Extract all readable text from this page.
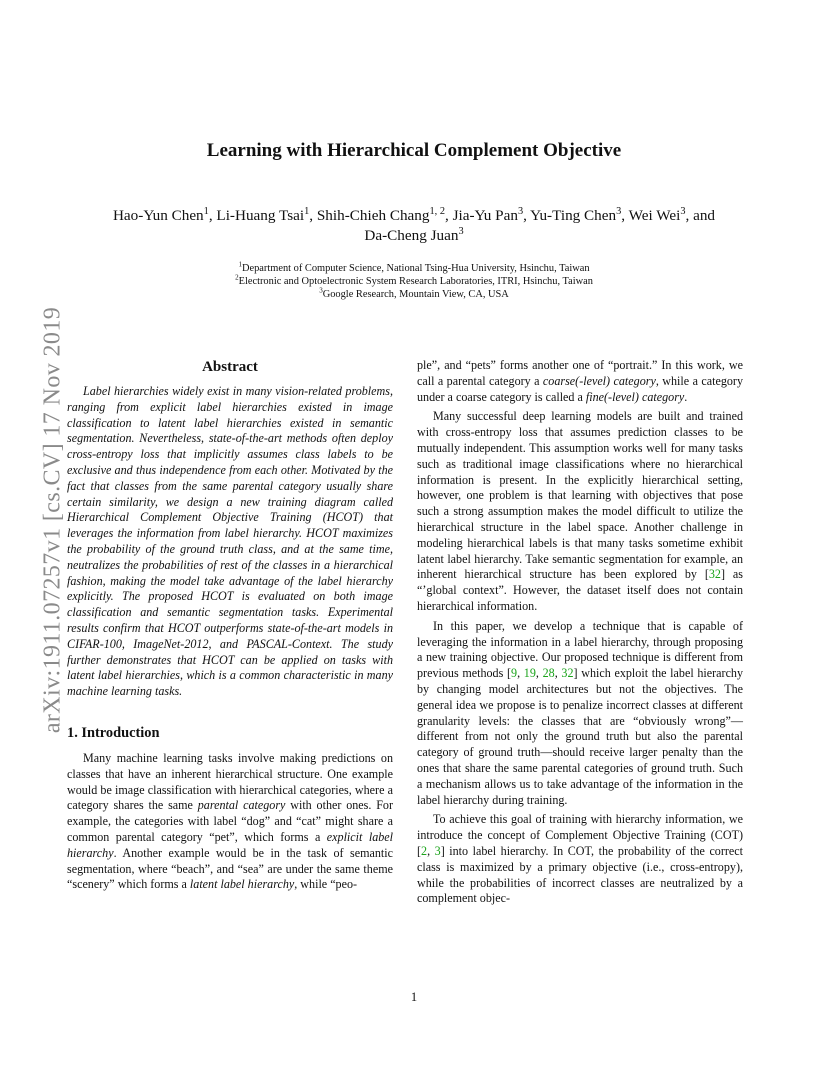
arXiv:1911.07257v1 [cs.CV] 17 Nov 2019
Learning with Hierarchical Complement Objective
Hao-Yun Chen$^1$, Li-Huang Tsai$^1$, Shih-Chieh Chang$^{1, 2}$, Jia-Yu Pan$^3$, Yu-Ting Chen$^3$, Wei Wei$^3$, and
Da-Cheng Juan$^3$
$^1$Department of Computer Science, National Tsing-Hua University, Hsinchu, Taiwan
$^2$Electronic and Optoelectronic System Research Laboratories, ITRI, Hsinchu, Taiwan
$^3$Google Research, Mountain View, CA, USA
Abstract

Label hierarchies widely exist in many vision-related problems, ranging from explicit label hierarchies existed in image classification to latent label hierarchies existed in semantic segmentation. Nevertheless, state-of-the-art methods often deploy cross-entropy loss that implicitly assumes class labels to be exclusive and thus independence from each other. Motivated by the fact that classes from the same parental category usually share certain similarity, we design a new training diagram called Hierarchical Complement Objective Training (HCOT) that leverages the information from label hierarchy. HCOT maximizes the probability of the ground truth class, and at the same time, neutralizes the probabilities of rest of the classes in a hierarchical fashion, making the model take advantage of the label hierarchy explicitly. The proposed HCOT is evaluated on both image classification and semantic segmentation tasks. Experimental results confirm that HCOT outperforms state-of-the-art models in CIFAR-100, ImageNet-2012, and PASCAL-Context. The study further demonstrates that HCOT can be applied on tasks with latent label hierarchies, which is a common characteristic in many machine learning tasks.

1. Introduction

Many machine learning tasks involve making predictions on classes that have an inherent hierarchical structure. One example would be image classification with hierarchical categories, where a category shares the same parental category with other ones. For example, the categories with label “dog” and “cat” might share a common parental category “pet”, which forms a explicit label hierarchy. Another example would be in the task of semantic segmentation, where “beach”, and “sea” are under the same theme “scenery” which forms a latent label hierarchy, while “peo-

ple”, and “pets” forms another one of “portrait.” In this work, we call a parental category a coarse(-level) category, while a category under a coarse category is called a fine(-level) category.

Many successful deep learning models are built and trained with cross-entropy loss that assumes prediction classes to be mutually independent. This assumption works well for many tasks such as traditional image classifications where no hierarchical information is present. In the explicitly hierarchical setting, however, one problem is that learning with objectives that pose such a strong assumption makes the model difficult to utilize the hierarchical structure in the label space. Another challenge in modeling hierarchical labels is that many tasks sometime exhibit latent label hierarchy. Take semantic segmentation for example, an inherent hierarchical structure has been explored by [32] as “’global context”. However, the dataset itself does not contain hierarchical information.

In this paper, we develop a technique that is capable of leveraging the information in a label hierarchy, through proposing a new training objective. Our proposed technique is different from previous methods [9, 19, 28, 32] which exploit the label hierarchy by changing model architectures but not the objectives. The general idea we propose is to penalize incorrect classes at different granularity levels: the classes that are “obviously wrong”—different from not only the ground truth but also the parental category of ground truth—should receive larger penalty than the ones that share the same parental categories of ground truth. Such a mechanism allows us to take advantage of the information in the label hierarchy during training.

To achieve this goal of training with hierarchy information, we introduce the concept of Complement Objective Training (COT) [2, 3] into label hierarchy. In COT, the probability of the correct class is maximized by a primary objective (i.e., cross-entropy), while the probabilities of incorrect classes are neutralized by a complement objec-

1
